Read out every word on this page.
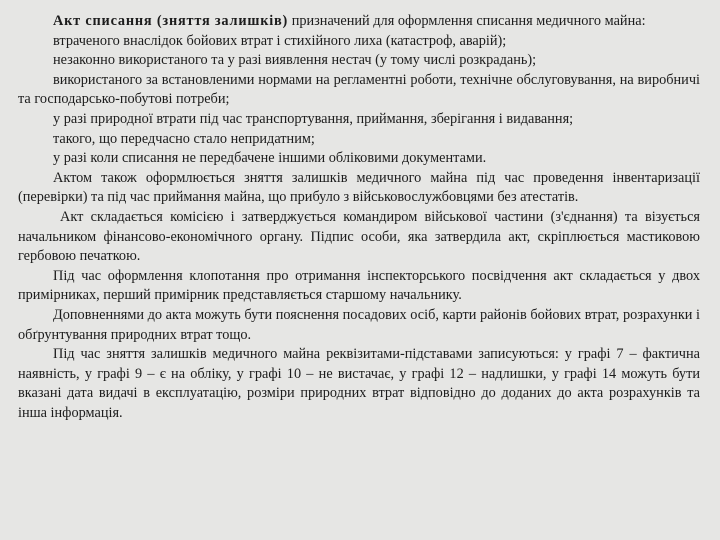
Акт списання (зняття залишків) призначений для оформлення списання медичного майна:

втраченого внаслідок бойових втрат і стихійного лиха (катастроф, аварій);

незаконно використаного та у разі виявлення нестач (у тому числі розкрадань);

використаного за встановленими нормами на регламентні роботи, технічне обслуговування, на виробничі та господарсько-побутові потреби;

у разі природної втрати під час транспортування, приймання, зберігання і видавання;

такого, що передчасно стало непридатним;

у разі коли списання не передбачене іншими обліковими документами.

Актом також оформлюється зняття залишків медичного майна під час проведення інвентаризації (перевірки) та під час приймання майна, що прибуло з військовослужбовцями без атестатів.

Акт складається комісією і затверджується командиром військової частини (з'єднання) та візується начальником фінансово-економічного органу. Підпис особи, яка затвердила акт, скріплюється мастиковою гербовою печаткою.

Під час оформлення клопотання про отримання інспекторського посвідчення акт складається у двох примірниках, перший примірник представляється старшому начальнику.

Доповненнями до акта можуть бути пояснення посадових осіб, карти районів бойових втрат, розрахунки і обґрунтування природних втрат тощо.

Під час зняття залишків медичного майна реквізитами-підставами записуються: у графі 7 – фактична наявність, у графі 9 – є на обліку, у графі 10 – не вистачає, у графі 12 – надлишки, у графі 14 можуть бути вказані дата видачі в експлуатацію, розміри природних втрат відповідно до доданих до акта розрахунків та інша інформація.
